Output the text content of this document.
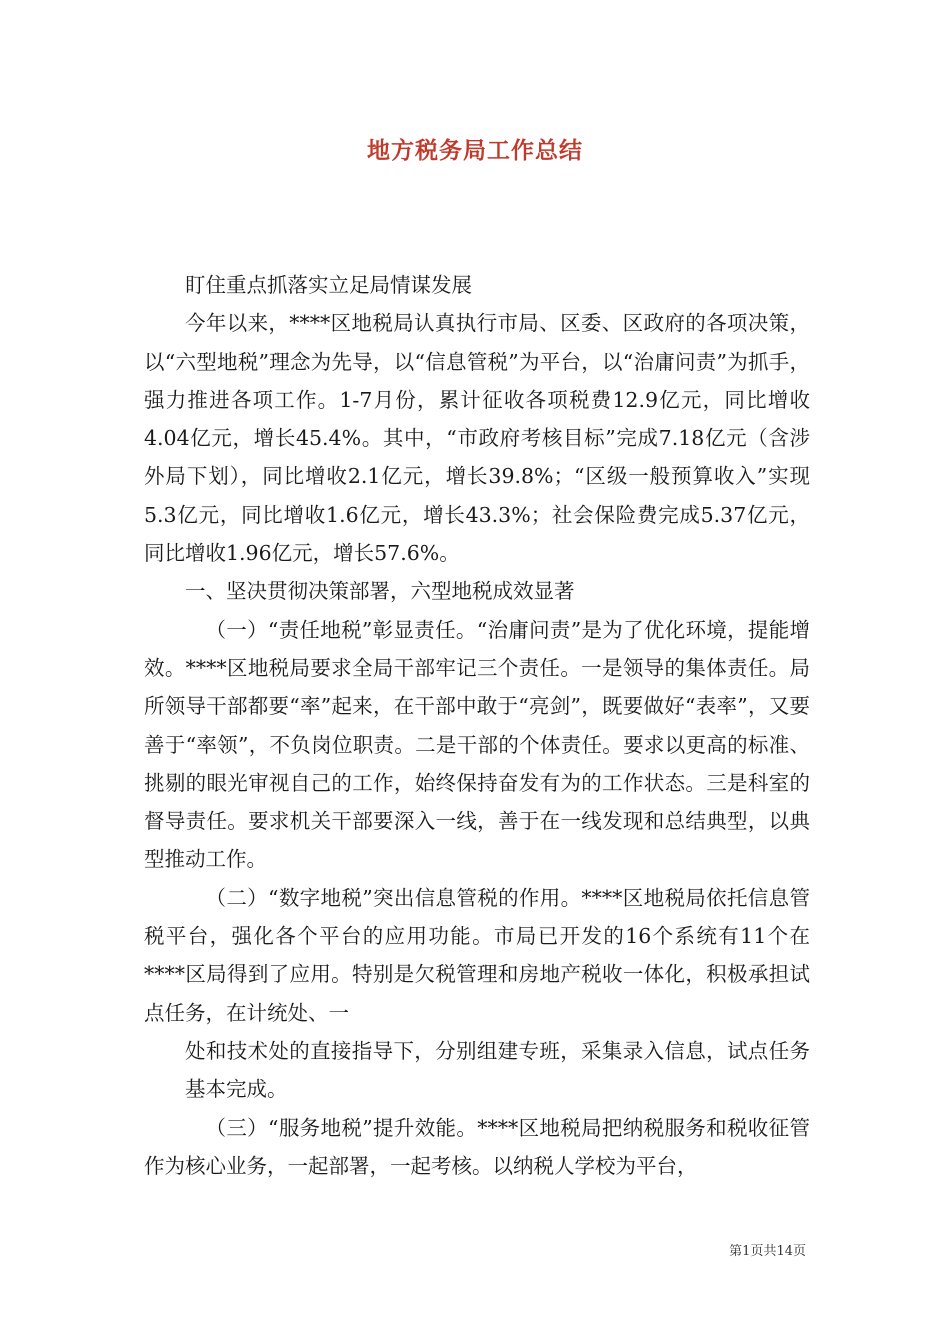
地方税务局工作总结

盯住重点抓落实立足局情谋发展

今年以来，****区地税局认真执行市局、区委、区政府的各项决策，以“六型地税”理念为先导，以“信息管税”为平台，以“治庸问责”为抓手，强力推进各项工作。1-7月份，累计征收各项税费12.9亿元，同比增收4.04亿元，增长45.4%。其中，“市政府考核目标”完成7.18亿元（含涉外局下划），同比增收2.1亿元，增长39.8%；“区级一般预算收入”实现5.3亿元，同比增收1.6亿元，增长43.3%；社会保险费完成5.37亿元，同比增收1.96亿元，增长57.6%。

一、坚决贯彻决策部署，六型地税成效显著

（一）“责任地税”彰显责任。“治庸问责”是为了优化环境，提能增效。****区地税局要求全局干部牢记三个责任。一是领导的集体责任。局所领导干部都要“率”起来，在干部中敢于“亮剑”，既要做好“表率”，又要善于“率领”，不负岗位职责。二是干部的个体责任。要求以更高的标准、挑剔的眼光审视自己的工作，始终保持奋发有为的工作状态。三是科室的督导责任。要求机关干部要深入一线，善于在一线发现和总结典型，以典型推动工作。

（二）“数字地税”突出信息管税的作用。****区地税局依托信息管税平台，强化各个平台的应用功能。市局已开发的16个系统有11个在****区局得到了应用。特别是欠税管理和房地产税收一体化，积极承担试点任务，在计统处、一

处和技术处的直接指导下，分别组建专班，采集录入信息，试点任务基本完成。

（三）“服务地税”提升效能。****区地税局把纳税服务和税收征管作为核心业务，一起部署，一起考核。以纳税人学校为平台，

第1页共14页
